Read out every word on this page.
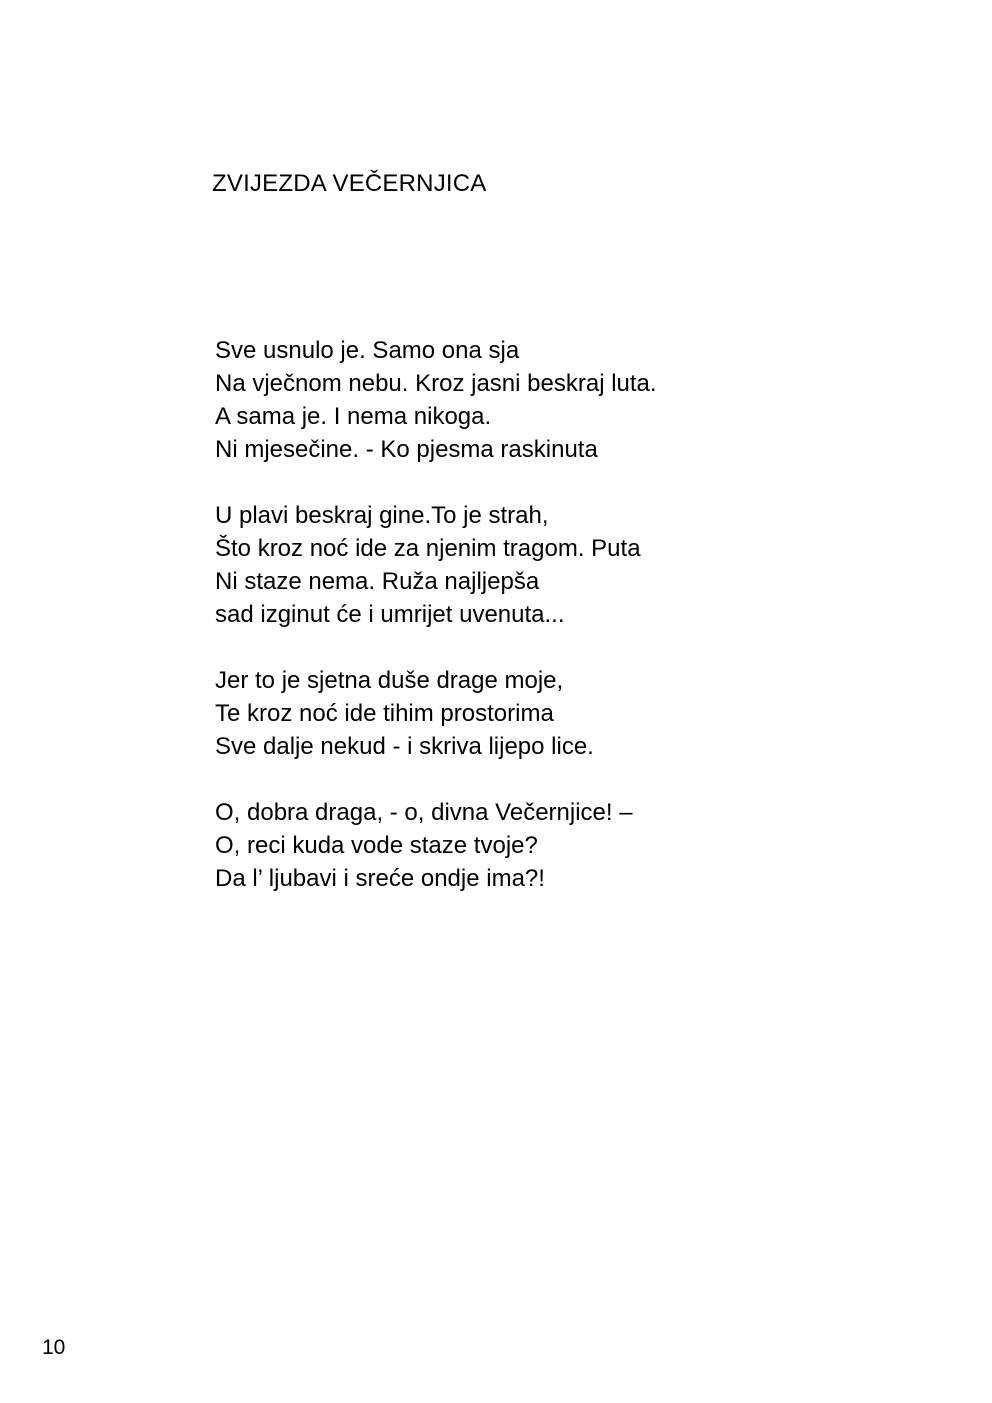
ZVIJEZDA VEČERNJICA
Sve usnulo je. Samo ona sja
Na vječnom nebu. Kroz jasni beskraj luta.
A sama je. I nema nikoga.
Ni mjesečine. - Ko pjesma raskinuta
U plavi beskraj gine.To je strah,
Što kroz noć ide za njenim tragom. Puta
Ni staze nema. Ruža najljepša
sad izginut će i umrijet uvenuta...
Jer to je sjetna duše drage moje,
Te kroz noć ide tihim prostorima
Sve dalje nekud - i skriva lijepo lice.
O, dobra draga, - o, divna Večernjice! –
O, reci kuda vode staze tvoje?
Da l’ ljubavi i sreće ondje ima?!
10
